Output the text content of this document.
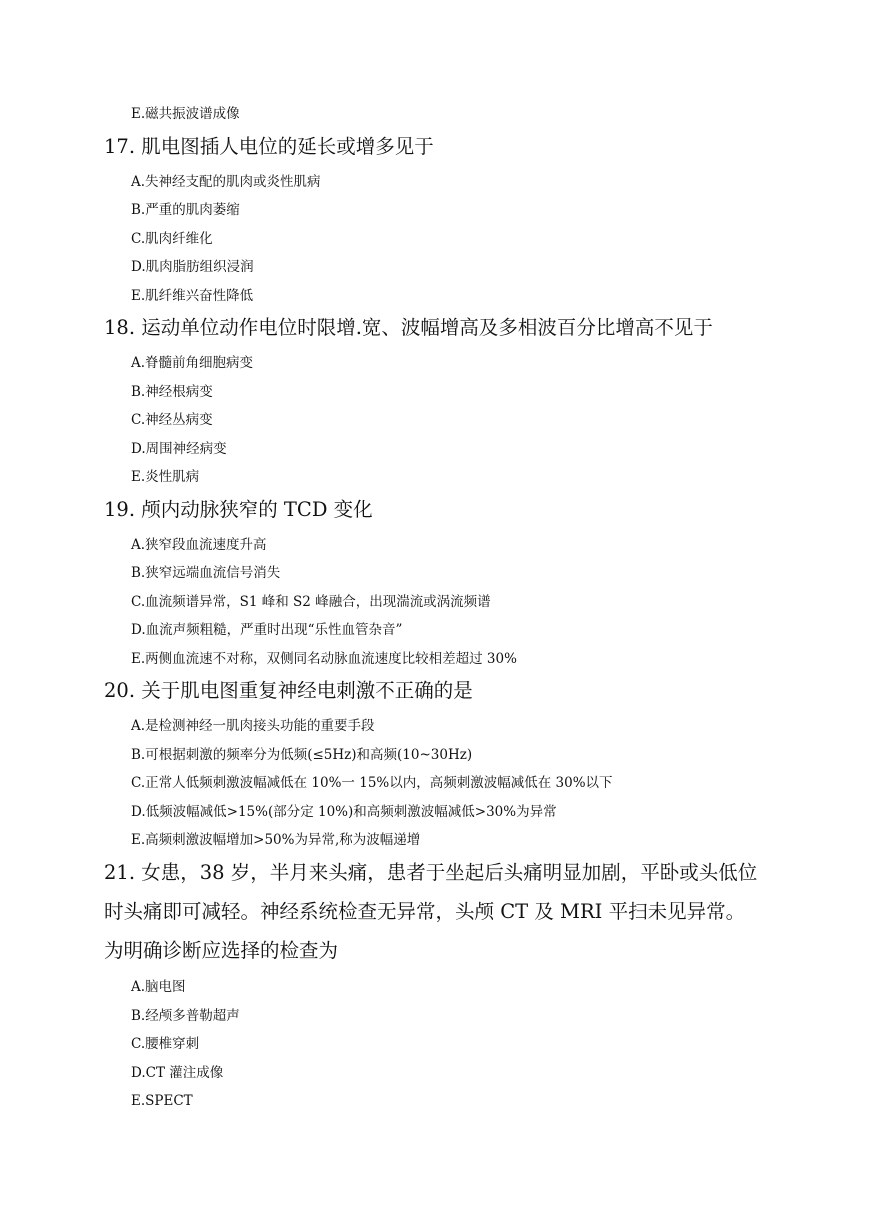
E.磁共振波谱成像
17. 肌电图插人电位的延长或增多见于
A.失神经支配的肌肉或炎性肌病
B.严重的肌肉萎缩
C.肌肉纤维化
D.肌肉脂肪组织浸润
E.肌纤维兴奋性降低
18. 运动单位动作电位时限增.宽、波幅增高及多相波百分比增高不见于
A.脊髓前角细胞病变
B.神经根病变
C.神经丛病变
D.周围神经病变
E.炎性肌病
19. 颅内动脉狭窄的 TCD 变化
A.狭窄段血流速度升高
B.狭窄远端血流信号消失
C.血流频谱异常，S1 峰和 S2 峰融合，出现湍流或涡流频谱
D.血流声频粗糙，严重时出现“乐性血管杂音”
E.两侧血流速不对称，双侧同名动脉血流速度比较相差超过 30%
20. 关于肌电图重复神经电刺激不正确的是
A.是检测神经一肌肉接头功能的重要手段
B.可根据刺激的频率分为低频(≤5Hz)和高频(10~30Hz)
C.正常人低频刺激波幅减低在 10%一 15%以内，高频刺激波幅减低在 30%以下
D.低频波幅减低>15%(部分定 10%)和高频刺激波幅减低>30%为异常
E.高频刺激波幅增加>50%为异常,称为波幅递增
21. 女患，38 岁，半月来头痛，患者于坐起后头痛明显加剧，平卧或头低位时头痛即可减轻。神经系统检查无异常，头颅 CT 及 MRI 平扫未见异常。为明确诊断应选择的检查为
A.脑电图
B.经颅多普勒超声
C.腰椎穿刺
D.CT 灌注成像
E.SPECT
